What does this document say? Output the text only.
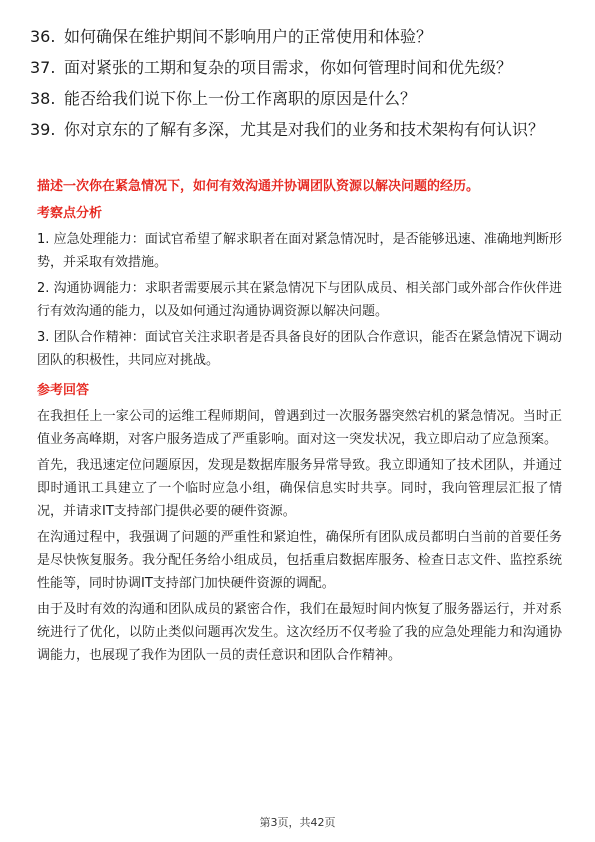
36. 如何确保在维护期间不影响用户的正常使用和体验？
37. 面对紧张的工期和复杂的项目需求，你如何管理时间和优先级？
38. 能否给我们说下你上一份工作离职的原因是什么？
39. 你对京东的了解有多深，尤其是对我们的业务和技术架构有何认识？
描述一次你在紧急情况下，如何有效沟通并协调团队资源以解决问题的经历。
考察点分析
1. 应急处理能力：面试官希望了解求职者在面对紧急情况时，是否能够迅速、准确地判断形势，并采取有效措施。
2. 沟通协调能力：求职者需要展示其在紧急情况下与团队成员、相关部门或外部合作伙伴进行有效沟通的能力，以及如何通过沟通协调资源以解决问题。
3. 团队合作精神：面试官关注求职者是否具备良好的团队合作意识，能否在紧急情况下调动团队的积极性，共同应对挑战。
参考回答
在我担任上一家公司的运维工程师期间，曾遇到过一次服务器突然宕机的紧急情况。当时正值业务高峰期，对客户服务造成了严重影响。面对这一突发状况，我立即启动了应急预案。
首先，我迅速定位问题原因，发现是数据库服务异常导致。我立即通知了技术团队，并通过即时通讯工具建立了一个临时应急小组，确保信息实时共享。同时，我向管理层汇报了情况，并请求IT支持部门提供必要的硬件资源。
在沟通过程中，我强调了问题的严重性和紧迫性，确保所有团队成员都明白当前的首要任务是尽快恢复服务。我分配任务给小组成员，包括重启数据库服务、检查日志文件、监控系统性能等，同时协调IT支持部门加快硬件资源的调配。
由于及时有效的沟通和团队成员的紧密合作，我们在最短时间内恢复了服务器运行，并对系统进行了优化，以防止类似问题再次发生。这次经历不仅考验了我的应急处理能力和沟通协调能力，也展现了我作为团队一员的责任意识和团队合作精神。
第3页，共42页
